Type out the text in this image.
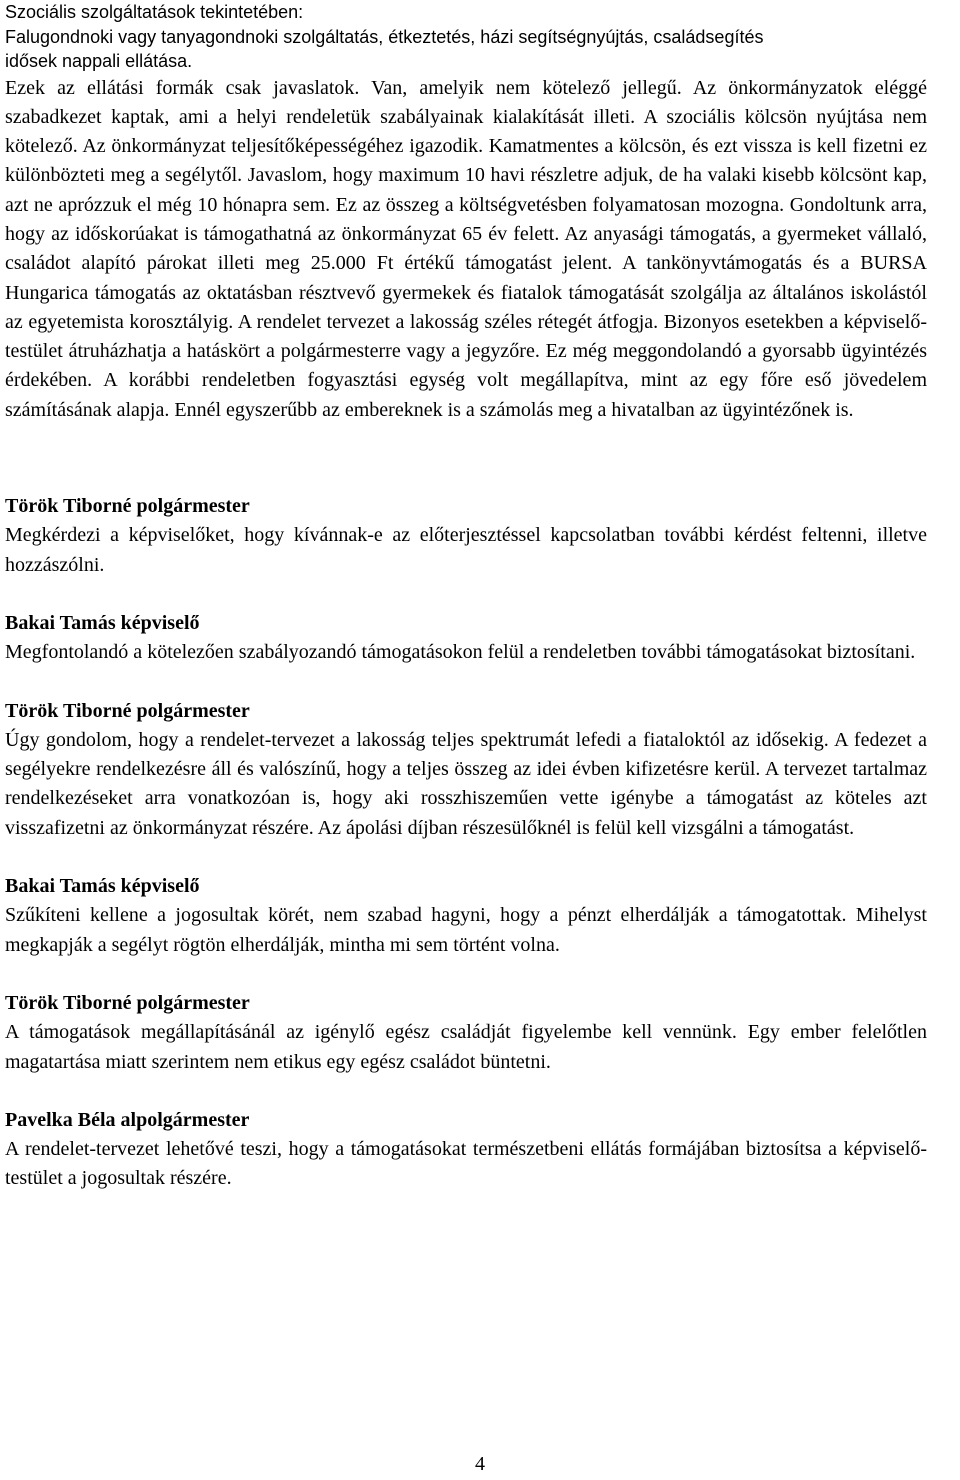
Szociális szolgáltatások tekintetében:

Falugondnoki vagy tanyagondnoki szolgáltatás, étkeztetés, házi segítségnyújtás, családsegítés

idősek nappali ellátása.

Ezek az ellátási formák csak javaslatok. Van, amelyik nem kötelező jellegű. Az önkormányzatok eléggé szabadkezet kaptak, ami a helyi rendeletük szabályainak kialakítását illeti. A szociális kölcsön nyújtása nem kötelező. Az önkormányzat teljesítőképességéhez igazodik. Kamatmentes a kölcsön, és ezt vissza is kell fizetni ez különbözteti meg a segélytől. Javaslom, hogy maximum 10 havi részletre adjuk, de ha valaki kisebb kölcsönt kap, azt ne aprózzuk el még 10 hónapra sem. Ez az összeg a költségvetésben folyamatosan mozogna. Gondoltunk arra, hogy az időskorúakat is támogathatná az önkormányzat 65 év felett. Az anyasági támogatás, a gyermeket vállaló, családot alapító párokat illeti meg 25.000 Ft értékű támogatást jelent. A tankönyvtámogatás és a BURSA Hungarica támogatás az oktatásban résztvevő gyermekek és fiatalok támogatását szolgálja az általános iskolástól az egyetemista korosztályig. A rendelet tervezet a lakosság széles rétegét átfogja. Bizonyos esetekben a képviselő-testület átruházhatja a hatáskört a polgármesterre vagy a jegyzőre. Ez még meggondolandó a gyorsabb ügyintézés érdekében. A korábbi rendeletben fogyasztási egység volt megállapítva, mint az egy főre eső jövedelem számításának alapja. Ennél egyszerűbb az embereknek is a számolás meg a hivatalban az ügyintézőnek is.

Török Tiborné polgármester

Megkérdezi a képviselőket, hogy kívánnak-e az előterjesztéssel kapcsolatban további kérdést feltenni, illetve hozzászólni.

Bakai Tamás képviselő

Megfontolandó a kötelezően szabályozandó támogatásokon felül a rendeletben további támogatásokat biztosítani.

Török Tiborné polgármester

Úgy gondolom, hogy a rendelet-tervezet a lakosság teljes spektrumát lefedi a fiataloktól az idősekig. A fedezet a segélyekre rendelkezésre áll és valószínű, hogy a teljes összeg az idei évben kifizetésre kerül. A tervezet tartalmaz rendelkezéseket arra vonatkozóan is, hogy aki rosszhiszeműen vette igénybe a támogatást az köteles azt visszafizetni az önkormányzat részére. Az ápolási díjban részesülőknél is felül kell vizsgálni a támogatást.

Bakai Tamás képviselő

Szűkíteni kellene a jogosultak körét, nem szabad hagyni, hogy a pénzt elherdálják a támogatottak. Mihelyst megkapják a segélyt rögtön elherdálják, mintha mi sem történt volna.

Török Tiborné polgármester

A támogatások megállapításánál az igénylő egész családját figyelembe kell vennünk. Egy ember felelőtlen magatartása miatt szerintem nem etikus egy egész családot büntetni.

Pavelka Béla alpolgármester

A rendelet-tervezet lehetővé teszi, hogy a támogatásokat természetbeni ellátás formájában biztosítsa a képviselő-testület a jogosultak részére.

4
